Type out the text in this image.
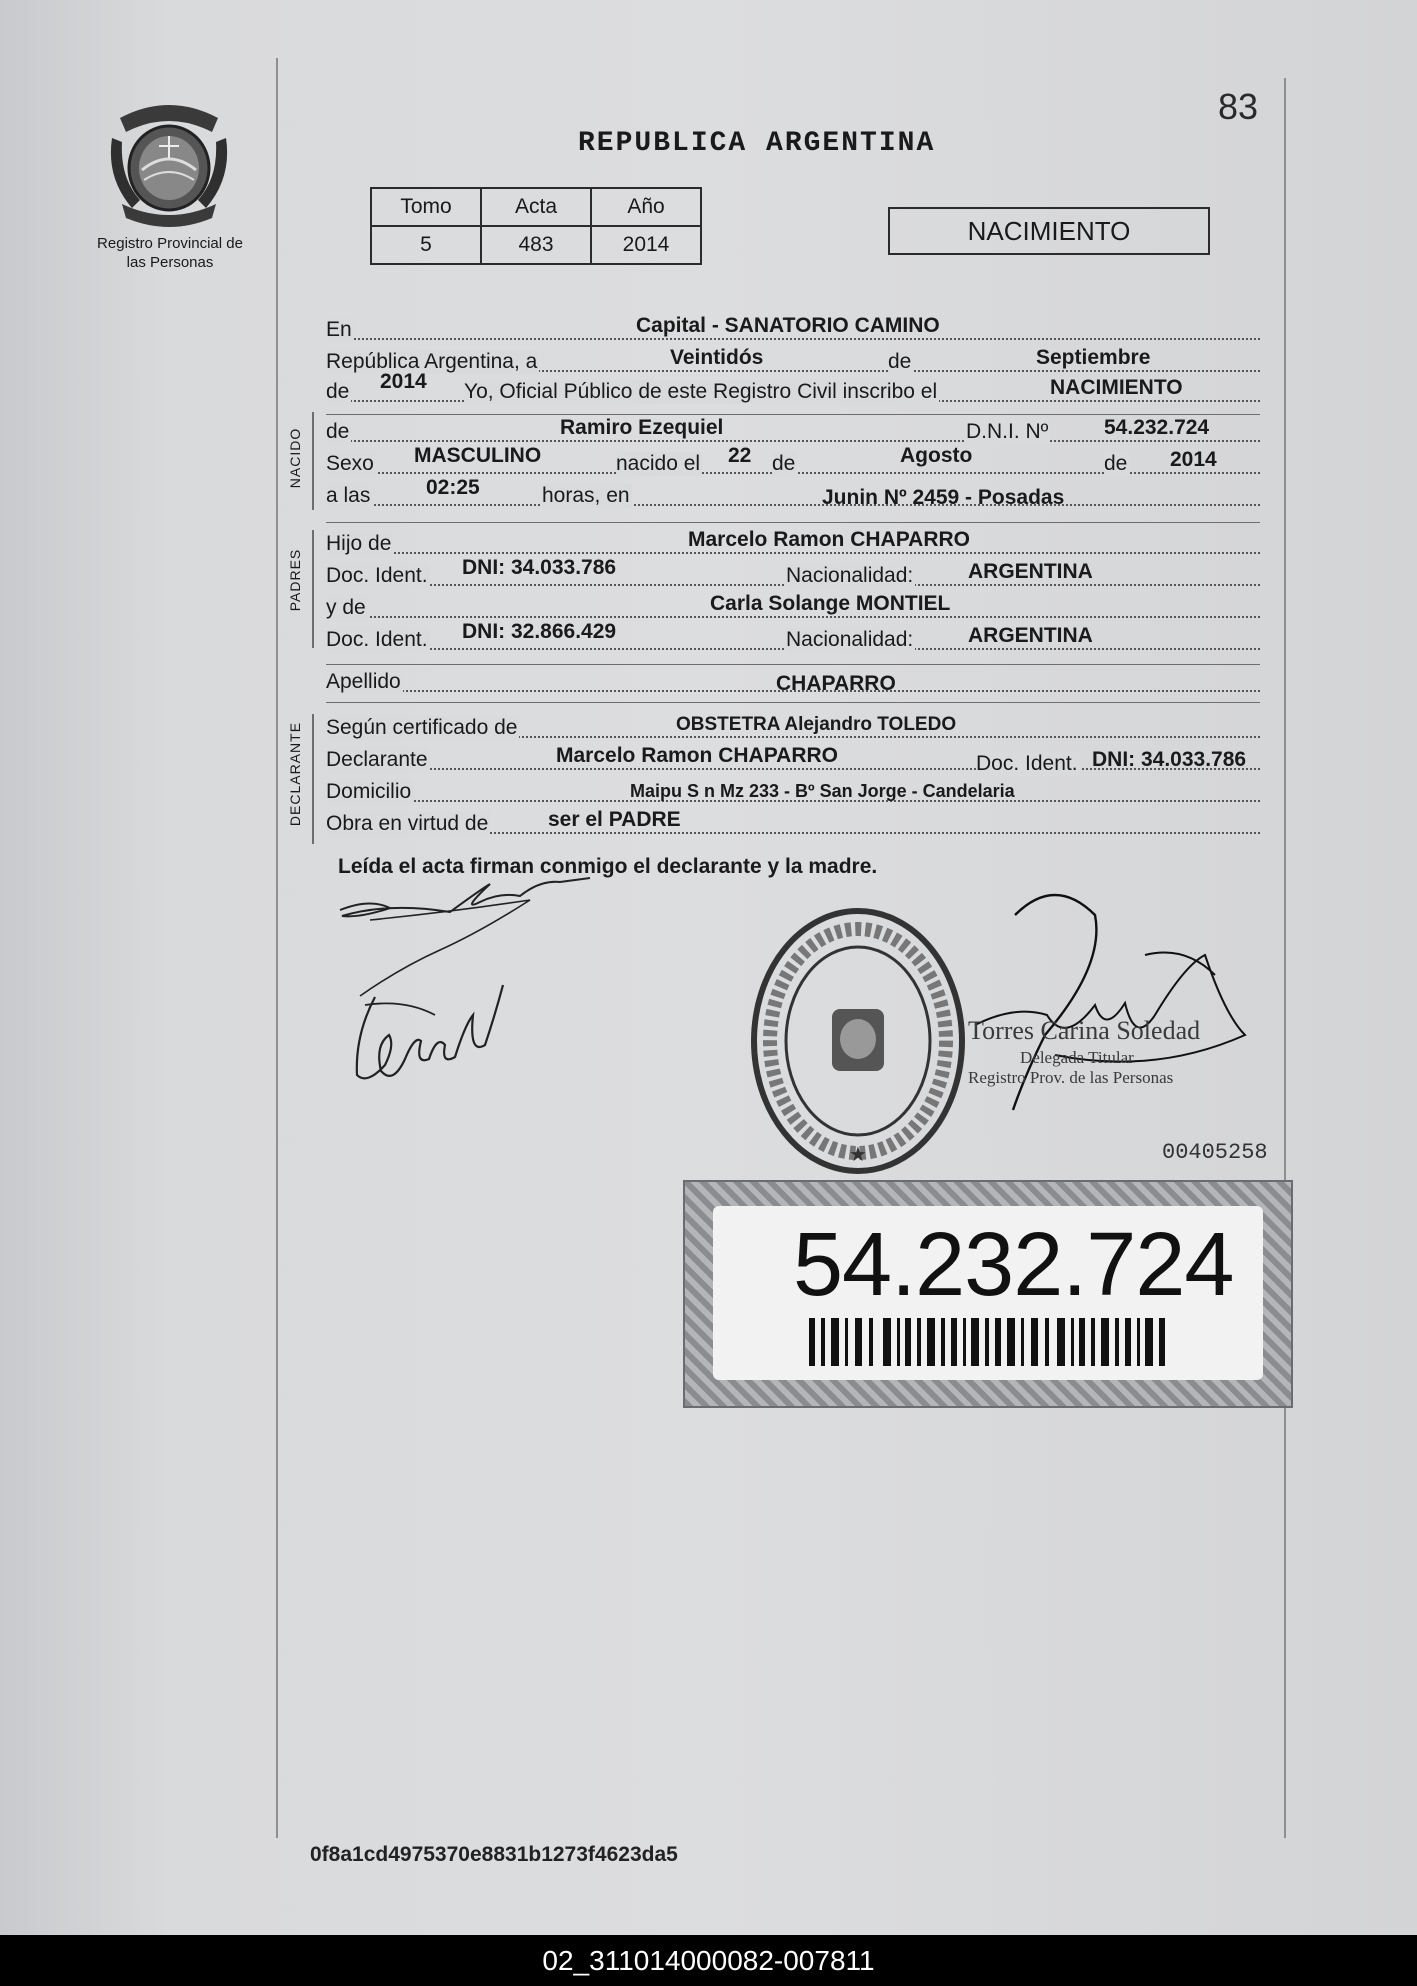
83
REPUBLICA ARGENTINA
Registro Provincial de las Personas
Tomo	Acta	Año
5	483	2014	NACIMIENTO
En	Capital - SANATORIO CAMINO
República Argentina, a	Veintidós	de	Septiembre
de 2014 Yo, Oficial Público de este Registro Civil inscribo el	NACIMIENTO
NACIDO de	Ramiro Ezequiel	D.N.I. Nº	54.232.724
Sexo MASCULINO	nacido el 22 de	Agosto	de 2014
a las	02:25	horas, en	Junin Nº 2459 - Posadas
PADRES
Hijo de	Marcelo Ramon CHAPARRO
Doc. Ident. DNI: 34.033.786	Nacionalidad:	ARGENTINA
y de	Carla Solange MONTIEL
Doc. Ident. DNI: 32.866.429	Nacionalidad:	ARGENTINA
Apellido	CHAPARRO
DECLARANTE Según certificado de	OBSTETRA Alejandro TOLEDO
Declarante	Marcelo Ramon CHAPARRO	Doc. Ident. DNI: 34.033.786
Domicilio	Maipu S n Mz 233 - Bº San Jorge - Candelaria
Obra en virtud de	ser el PADRE
Leída el acta firman conmigo el declarante y la madre.
★
Torres Carina Soledad
Delegada Titular
Registro Prov. de las Personas
00405258
54.232.724
0f8a1cd4975370e8831b1273f4623da5
02_311014000082-007811
